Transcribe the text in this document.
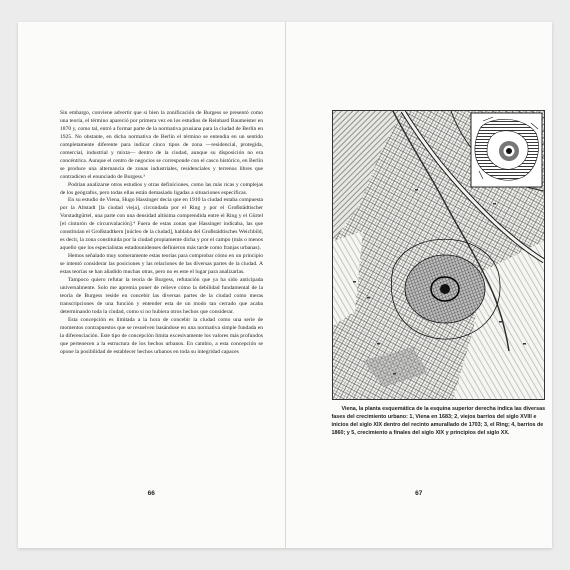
Sin embargo, conviene advertir que si bien la zonificación de Burgess se presentó como una teoría, el término apareció por primera vez en los estudios de Reinhard Baumeister en 1870 y, como tal, entró a formar parte de la normativa prusiana para la ciudad de Berlín en 1925. No obstante, en dicha normativa de Berlín el término se entendía en un sentido completamente diferente para indicar cinco tipos de zona —residencial, protegida, comercial, industrial y mixta— dentro de la ciudad, aunque su disposición no era concéntrica. Aunque el centro de negocios se corresponde con el casco histórico, en Berlín se produce una alternancia de zonas industriales, residenciales y terrenos libres que contradicen el enunciado de Burgess.³

Podrían analizarse otros estudios y otras definiciones, como las más ricas y complejas de los geógrafos, pero todas ellas están demasiado ligadas a situaciones específicas.

En su estudio de Viena, Hugo Hassinger decía que en 1910 la ciudad estaba compuesta por la Altstadt [la ciudad vieja], circundada por el Ring y por el Großstädtischer Vorstadtgürtel, una parte con una densidad altísima comprendida entre el Ring y el Gürtel [el cinturón de circunvalación].⁴ Fuera de estas zonas que Hassinger indicaba, las que constituían el Großstadtkern [núcleo de la ciudad], hablaba del Großstädtisches Weichbild, es decir, la zona constituida por la ciudad propiamente dicha y por el campo (más o menos aquello que los especialistas estadounidenses definieron más tarde como franjas urbanas).

Hemos señalado muy someramente estas teorías para comprobar cómo en un principio se intentó considerar las posiciones y las relaciones de las diversas partes de la ciudad. A estas teorías se han añadido muchas otras, pero no es este el lugar para analizarlas.

Tampoco quiero refutar la teoría de Burgess, refutación que ya ha sido anticipada universalmente. Solo me apremia poner de relieve cómo la debilidad fundamental de la teoría de Burgess reside en concebir las diversas partes de la ciudad como meras transcripciones de una función y entender esta de un modo tan cerrado que acaba determinando toda la ciudad, como si no hubiera otros hechos que considerar.

Esta concepción es limitada a la hora de concebir la ciudad como una serie de momentos contrapuestos que se resuelven basándose en una normativa simple fundada en la diferenciación. Este tipo de concepción limita excesivamente los valores más profundos que pertenecen a la estructura de los hechos urbanos. En cambio, a esta concepción se opone la posibilidad de establecer hechos urbanos en toda su integridad capaces

66
Viena, la planta esquemática de la esquina superior derecha indica las diversas fases del crecimiento urbano: 1, Viena en 1683; 2, viejos barrios del siglo XVIII e inicios del siglo XIX dentro del recinto amurallado de 1703; 3, el Ring; 4, barrios de 1860; y 5, crecimiento a finales del siglo XIX y principios del siglo XX.
67
